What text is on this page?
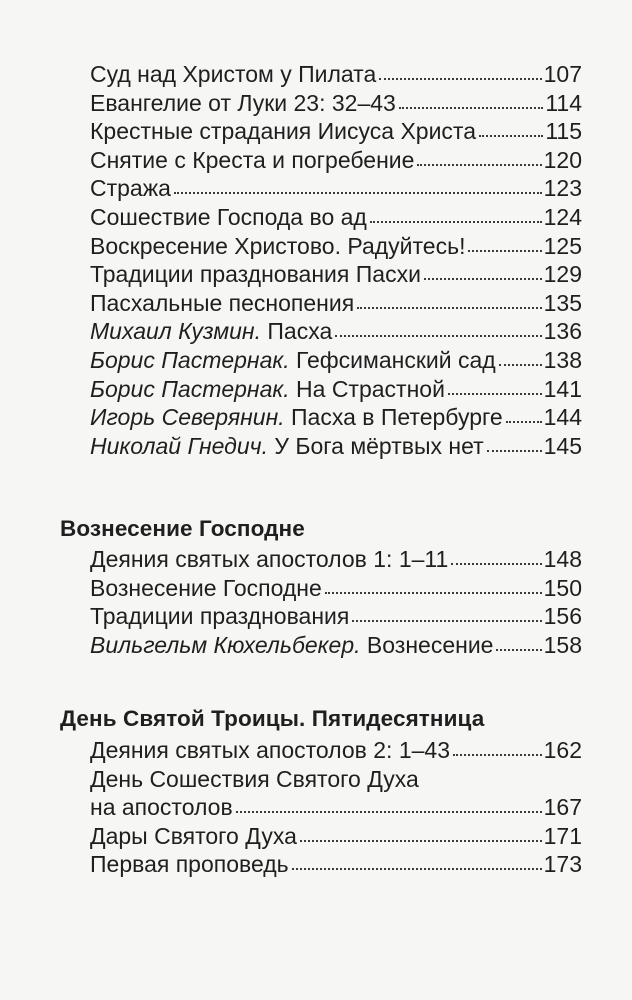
Суд над Христом у Пилата	107
Евангелие от Луки 23: 32–43	114
Крестные страдания Иисуса Христа	115
Снятие с Креста и погребение	120
Стража	123
Сошествие Господа во ад	124
Воскресение Христово. Радуйтесь!	125
Традиции празднования Пасхи	129
Пасхальные песнопения	135
Михаил Кузмин. Пасха	136
Борис Пастернак. Гефсиманский сад 138
Борис Пастернак. На Страстной	141
Игорь Северянин. Пасха в Петербурге 144
Николай Гнедич. У Бога мёртвых нет	145
Вознесение Господне
Деяния святых апостолов 1: 1–11	148
Вознесение Господне	150
Традиции празднования	156
Вильгельм Кюхельбекер. Вознесение 158
День Святой Троицы. Пятидесятница
Деяния святых апостолов 2: 1–43	162
День Сошествия Святого Духа
на апостолов	167
Дары Святого Духа	171
Первая проповедь	173
